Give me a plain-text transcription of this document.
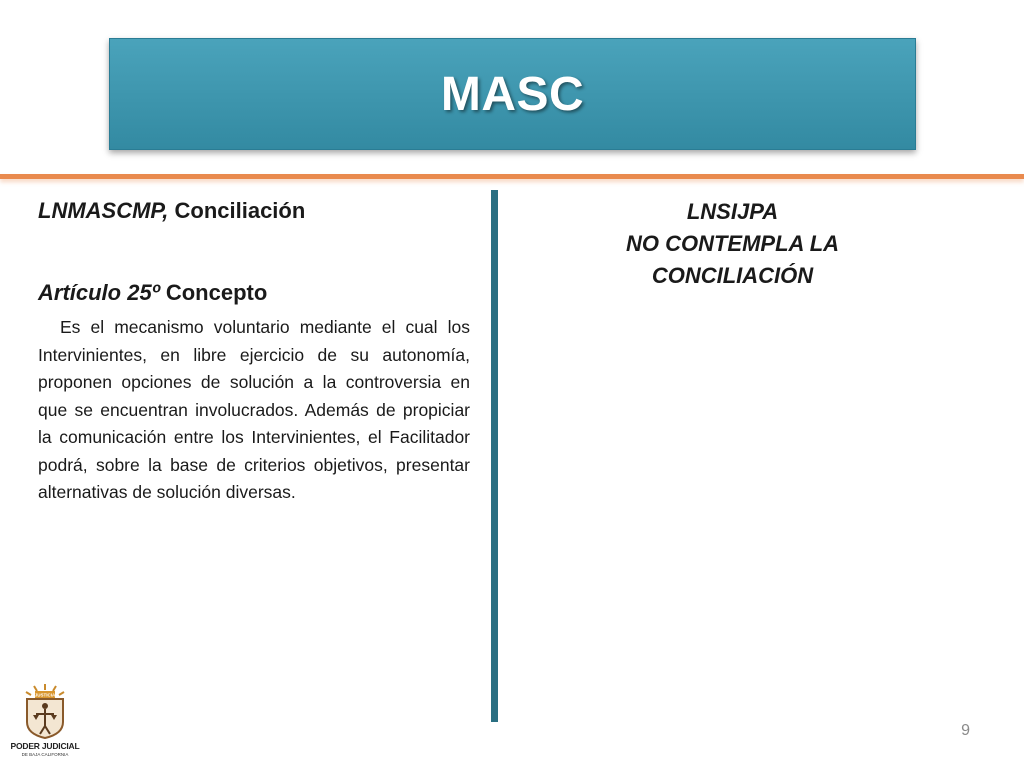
MASC

LNMASCMP, Conciliación

Artículo 25º Concepto

Es el mecanismo voluntario mediante el cual los Intervinientes, en libre ejercicio de su autonomía, proponen opciones de solución a la controversia en que se encuentran involucrados. Además de propiciar la comunicación entre los Intervinientes, el Facilitador podrá, sobre la base de criterios objetivos, presentar alternativas de solución diversas.

LNSIJPA

NO CONTEMPLA LA

CONCILIACIÓN

JUSTICIA
PODER JUDICIAL
DE BAJA CALIFORNIA
9
